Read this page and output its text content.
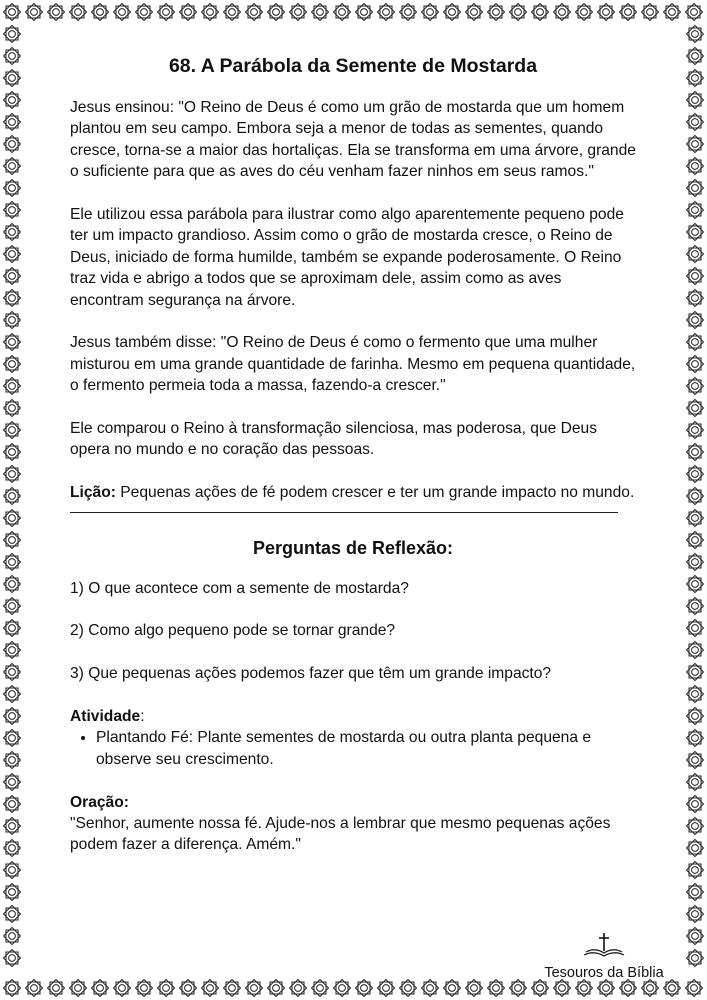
68. A Parábola da Semente de Mostarda

Jesus ensinou: "O Reino de Deus é como um grão de mostarda que um homem plantou em seu campo. Embora seja a menor de todas as sementes, quando cresce, torna-se a maior das hortaliças. Ela se transforma em uma árvore, grande o suficiente para que as aves do céu venham fazer ninhos em seus ramos."

Ele utilizou essa parábola para ilustrar como algo aparentemente pequeno pode ter um impacto grandioso. Assim como o grão de mostarda cresce, o Reino de Deus, iniciado de forma humilde, também se expande poderosamente. O Reino traz vida e abrigo a todos que se aproximam dele, assim como as aves encontram segurança na árvore.

Jesus também disse: "O Reino de Deus é como o fermento que uma mulher misturou em uma grande quantidade de farinha. Mesmo em pequena quantidade, o fermento permeia toda a massa, fazendo-a crescer."

Ele comparou o Reino à transformação silenciosa, mas poderosa, que Deus opera no mundo e no coração das pessoas.

Lição: Pequenas ações de fé podem crescer e ter um grande impacto no mundo.

Perguntas de Reflexão:

1) O que acontece com a semente de mostarda?

2) Como algo pequeno pode se tornar grande?

3) Que pequenas ações podemos fazer que têm um grande impacto?

Atividade:
• Plantando Fé: Plante sementes de mostarda ou outra planta pequena e observe seu crescimento.
Oração:
"Senhor, aumente nossa fé. Ajude-nos a lembrar que mesmo pequenas ações podem fazer a diferença. Amém."
Tesouros da Bíblia
